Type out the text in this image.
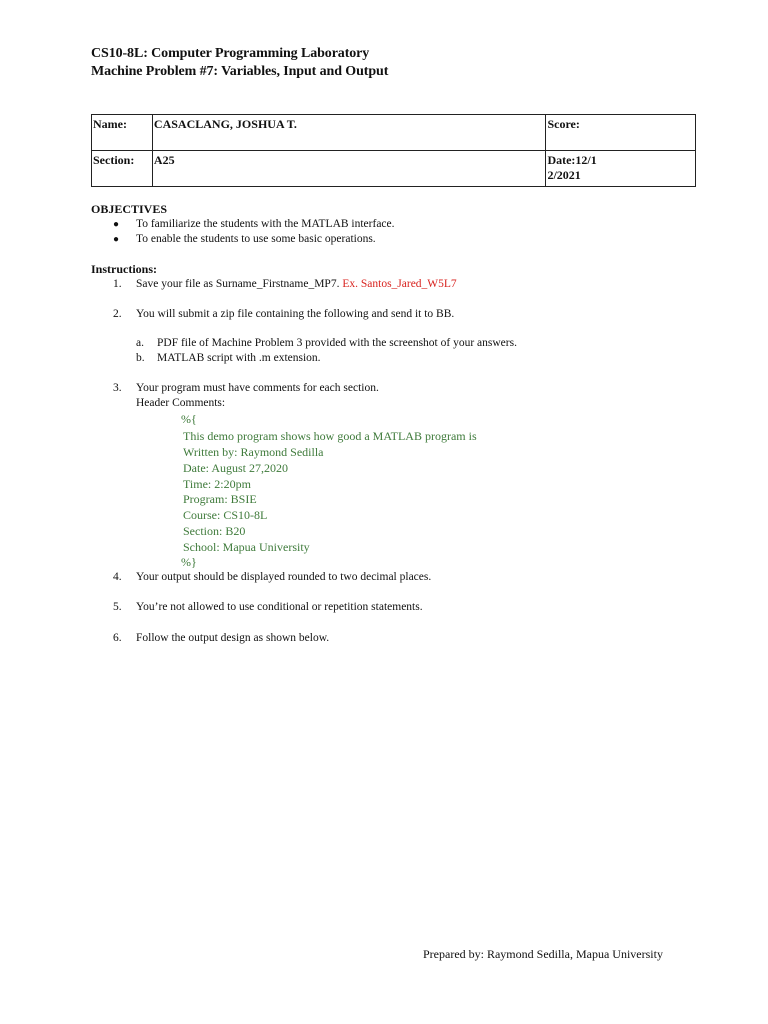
CS10-8L: Computer Programming Laboratory
Machine Problem #7: Variables, Input and Output
Name:	CASACLANG, JOSHUA T.	Score:
Section:	A25	Date:12/1
2/2021
OBJECTIVES
● To familiarize the students with the MATLAB interface.
● To enable the students to use some basic operations.
Instructions:
1. Save your file as Surname_Firstname_MP7. Ex. Santos_Jared_W5L7
2. You will submit a zip file containing the following and send it to BB.
a. PDF file of Machine Problem 3 provided with the screenshot of your answers.
b. MATLAB script with .m extension.
3. Your program must have comments for each section.
Header Comments:
%{
This demo program shows how good a MATLAB program is
Written by: Raymond Sedilla
Date: August 27,2020
Time: 2:20pm
Program: BSIE
Course: CS10-8L
Section: B20
School: Mapua University
%}
4. Your output should be displayed rounded to two decimal places.
5. You’re not allowed to use conditional or repetition statements.
6. Follow the output design as shown below.
Prepared by: Raymond Sedilla, Mapua University
